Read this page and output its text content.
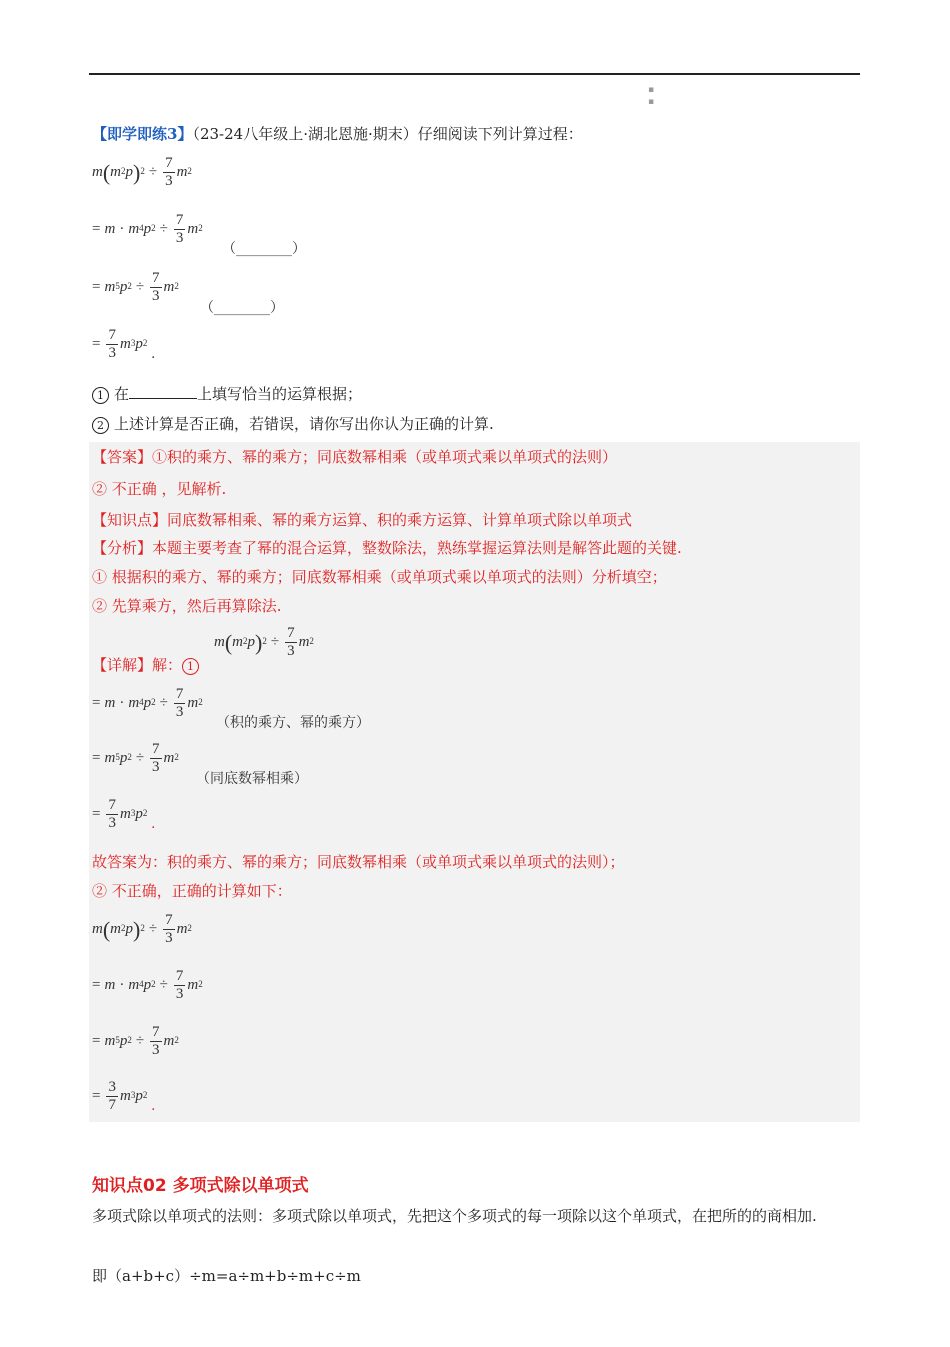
▪
▪
【即学即练3】（23-24八年级上·湖北恩施·期末）仔细阅读下列计算过程：
m ( $m^2$ p )$^2 \div \frac{7}{3} m^2$
= $m \cdot m^4$ $p^2 \div \frac{7}{3} m^2$
（________）
= $m^5$ $p^2 \div \frac{7}{3} m^2$
（________）
= $\frac{7}{3} m^3$ $p^2$
.
1 在	上填写恰当的运算根据；
2 上述计算是否正确，若错误，请你写出你认为正确的计算.
【答案】①积的乘方、幂的乘方；同底数幂相乘（或单项式乘以单项式的法则）
② 不正确 ，见解析.
【知识点】同底数幂相乘、幂的乘方运算、积的乘方运算、计算单项式除以单项式
【分析】本题主要考查了幂的混合运算，整数除法，熟练掌握运算法则是解答此题的关键.
① 根据积的乘方、幂的乘方；同底数幂相乘（或单项式乘以单项式的法则）分析填空；
② 先算乘方，然后再算除法.
【详解】解： 1
m ( $m^2$ p )$^2 \div \frac{7}{3} m^2$
= $m \cdot m^4$ $p^2 \div \frac{7}{3} m^2$
（积的乘方、幂的乘方）
= $m^5$ $p^2 \div \frac{7}{3} m^2$
（同底数幂相乘）
= $\frac{7}{3} m^3$ $p^2$
.
故答案为：积的乘方、幂的乘方；同底数幂相乘（或单项式乘以单项式的法则）；
② 不正确，正确的计算如下：
m ( $m^2$ p )$^2 \div \frac{7}{3} m^2$
= $m \cdot m^4$ $p^2 \div \frac{7}{3} m^2$
= $m^5$ $p^2 \div \frac{7}{3} m^2$
= $\frac{3}{7} m^3$ $p^2$
.
知识点02 多项式除以单项式
多项式除以单项式的法则：多项式除以单项式，先把这个多项式的每一项除以这个单项式，在把所的的商相加.
即（a+b+c）÷m=a÷m+b÷m+c÷m
